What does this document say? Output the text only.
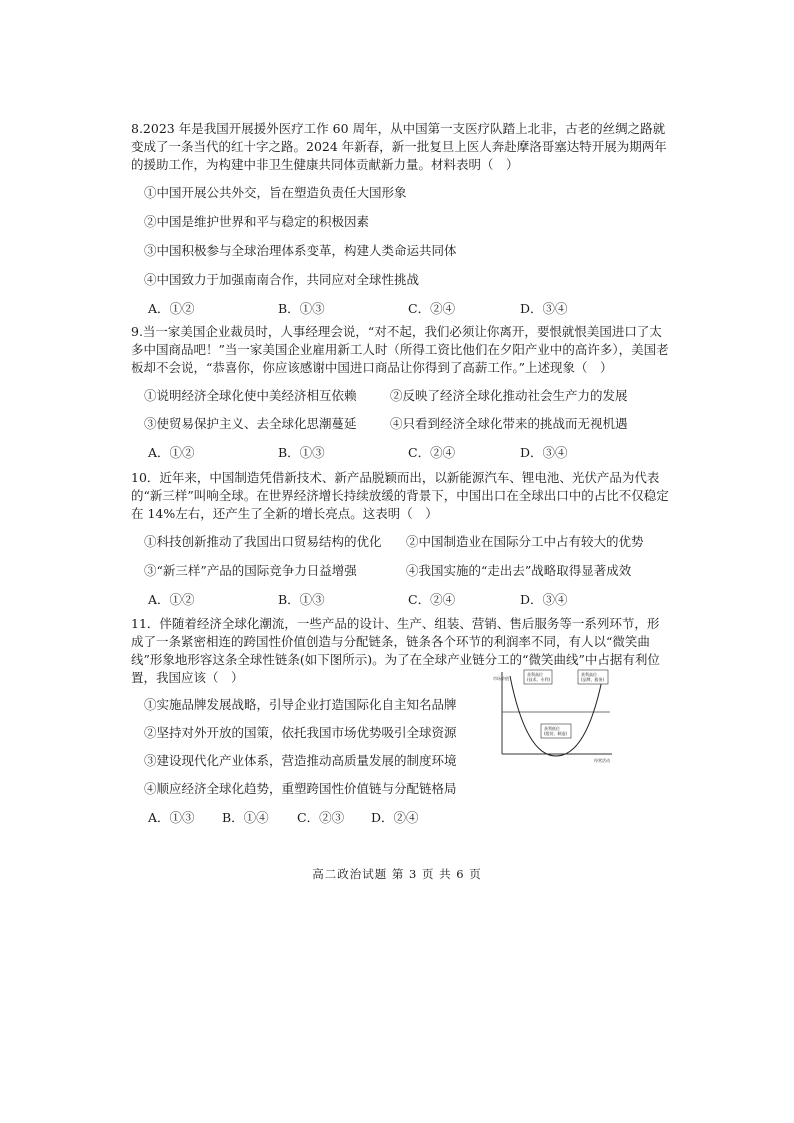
8.2023 年是我国开展援外医疗工作 60 周年，从中国第一支医疗队踏上北非，古老的丝绸之路就变成了一条当代的红十字之路。2024 年新春，新一批复旦上医人奔赴摩洛哥塞达特开展为期两年的援助工作，为构建中非卫生健康共同体贡献新力量。材料表明（　）
①中国开展公共外交，旨在塑造负责任大国形象
②中国是维护世界和平与稳定的积极因素
③中国积极参与全球治理体系变革，构建人类命运共同体
④中国致力于加强南南合作，共同应对全球性挑战
A．①②	B．①③	C．②④	D．③④
9.当一家美国企业裁员时，人事经理会说，“对不起，我们必须让你离开，要恨就恨美国进口了太多中国商品吧！”当一家美国企业雇用新工人时（所得工资比他们在夕阳产业中的高许多），美国老板却不会说，“恭喜你，你应该感谢中国进口商品让你得到了高薪工作。”上述现象（　）
①说明经济全球化使中美经济相互依赖	②反映了经济全球化推动社会生产力的发展
③使贸易保护主义、去全球化思潮蔓延	④只看到经济全球化带来的挑战而无视机遇
A．①②	B．①③	C．②④	D．③④
10．近年来，中国制造凭借新技术、新产品脱颖而出，以新能源汽车、锂电池、光伏产品为代表的“新三样”叫响全球。在世界经济增长持续放缓的背景下，中国出口在全球出口中的占比不仅稳定在 14%左右，还产生了全新的增长亮点。这表明（　）
①科技创新推动了我国出口贸易结构的优化 ②中国制造业在国际分工中占有较大的优势
③“新三样”产品的国际竞争力日益增强	④我国实施的“走出去”战略取得显著成效
A．①②	B．①③	C．②④	D．③④
11．伴随着经济全球化潮流，一些产品的设计、生产、组装、营销、售后服务等一系列环节，形成了一条紧密相连的跨国性价值创造与分配链条，链条各个环节的利润率不同，有人以“微笑曲线”形象地形容这条全球性链条(如下图所示)。为了在全球产业链分工的“微笑曲线”中占据有利位置，我国应该（　）
①实施品牌发展战略，引导企业打造国际化自主知名品牌
②坚持对外开放的国策，依托我国市场优势吸引全球资源
③建设现代化产业体系，营造推动高质量发展的制度环境
④顺应经济全球化趋势，重塑跨国性价值链与分配链格局
A．①③ B．①④ C．②③ D．②④
市场价值
获利高位
(技术、专利)
获利高位
(品牌、服务)
获利低位
(组装、制造)
经营活动
高二政治试题 第 3 页 共 6 页
